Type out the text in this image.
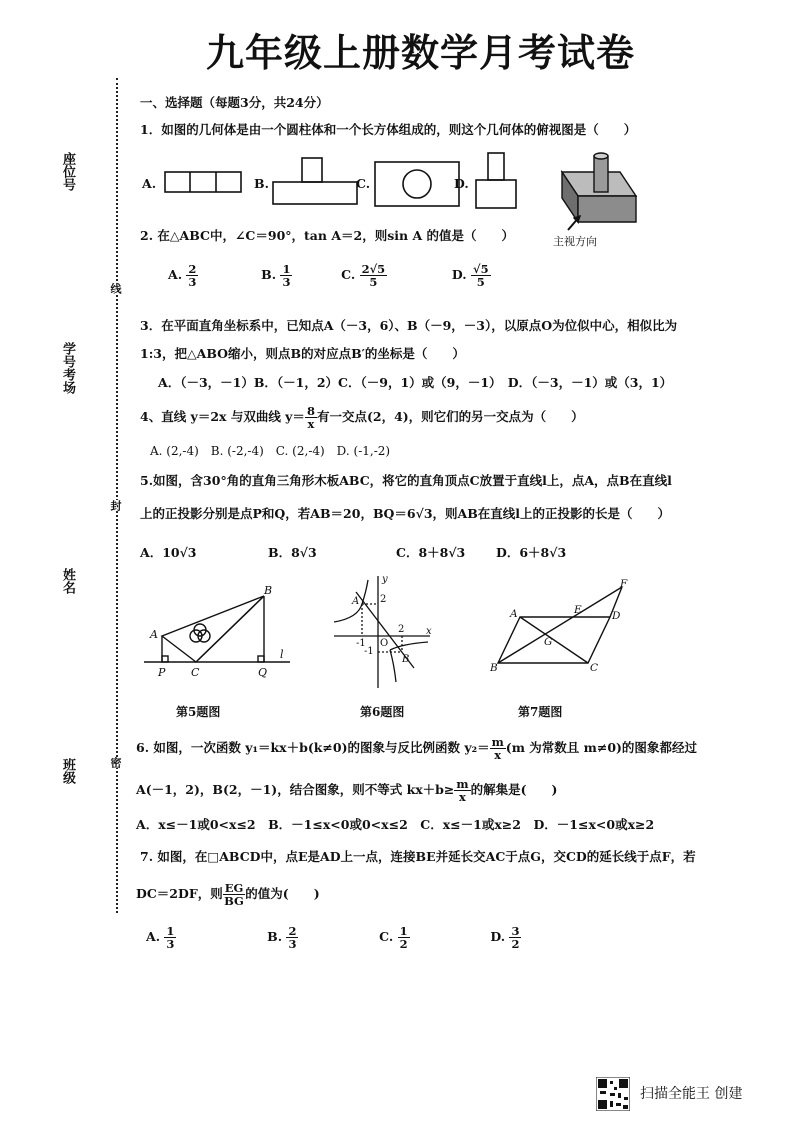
九年级上册数学月考试卷
座位号
学号考场
姓名
班级
线
封
密
一、选择题（每题3分，共24分）
1．如图的几何体是由一个圆柱体和一个长方体组成的，则这个几何体的俯视图是（　　）
A.	B.	C.	D.
主视方向
2. 在△ABC中，∠C＝90°，tan A＝2，则sin A 的值是（　　）
A. $\frac{2}{3}$	B. $\frac{1}{3}$	C. $\frac{2√5}{5}$	D. $\frac{√5}{5}$
3．在平面直角坐标系中，已知点A（－3，6）、B（－9，－3），以原点O为位似中心，相似比为
1:3，把△ABO缩小，则点B的对应点B′的坐标是（　　）
A．（－3，－1）B．（－1，2）C．（－9，1）或（9，－1）　D．（－3，－1）或（3，1）
4、直线 y＝2x 与双曲线 $y= \frac{8}{x}$ 有一交点(2，4)，则它们的另一交点为（　　）
A. (2,-4)　B. (-2,-4)　C. (2,-4)　D. (-1,-2)
5.如图，含30°角的直角三角形木板ABC，将它的直角顶点C放置于直线l上，点A，点B在直线l
上的正投影分别是点P和Q，若AB＝20，BQ＝6√3，则AB在直线l上的正投影的长是（　　）
A．10√3	B．8√3	C．8＋8√3 D．6＋8√3
A
B
C
P	Q
l
A
B
y
x
O
-1
2
-1
2
A
B	C
D
E
F
G
第5题图	第6题图	第7题图
6. 如图，一次函数 y₁＝kx＋b(k≠0)的图象与反比例函数 $y_2= \frac{m}{x} (m$ 为常数且 m≠0)的图象都经过
A(－1，2)，B(2，－1)，结合图象，则不等式 $kx+b\ge \frac{m}{x}$ 的解集是(　　)
A．x≤－1或0<x≤2　B．－1≤x<0或0<x≤2　C．x≤－1或x≥2　D．－1≤x<0或x≥2
7. 如图，在□ABCD中，点E是AD上一点，连接BE并延长交AC于点G，交CD的延长线于点F，若
DC＝2DF，则 $\frac{EG}{BG}$ 的值为(　　)
A. $\frac{1}{3}$	B. $\frac{2}{3}$	C. $\frac{1}{2}$	D. $\frac{3}{2}$
扫描全能王 创建
